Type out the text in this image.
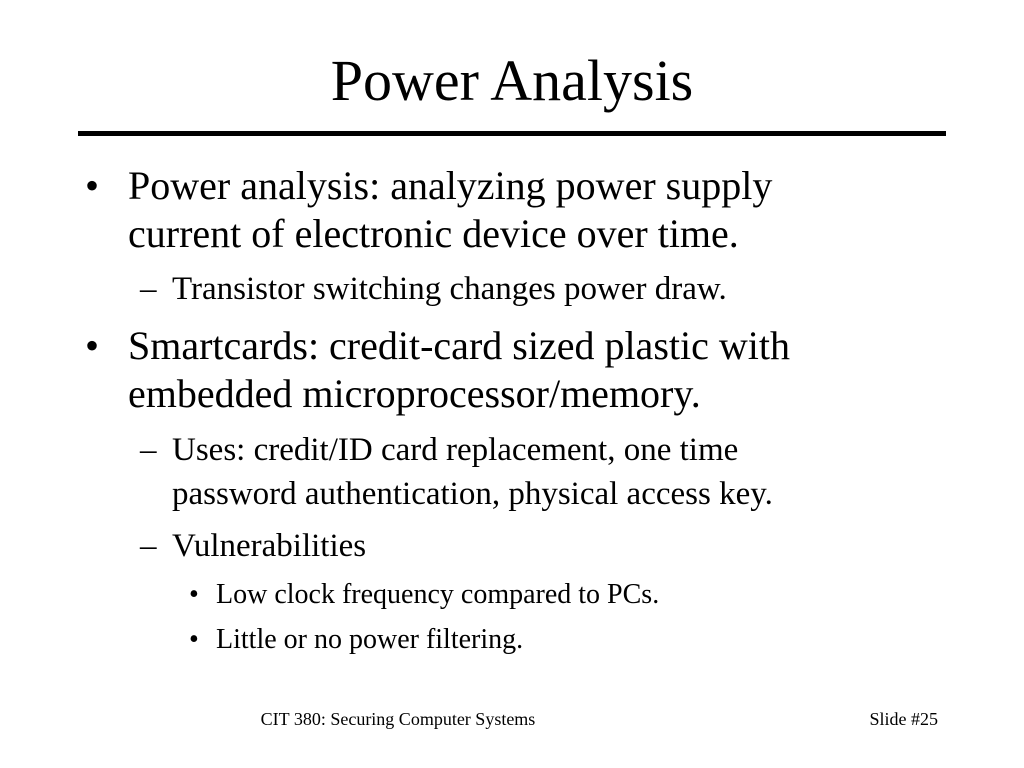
Power Analysis
• Power analysis: analyzing power supply
current of electronic device over time.
– Transistor switching changes power draw.
• Smartcards: credit-card sized plastic with
embedded microprocessor/memory.
– Uses: credit/ID card replacement, one time
password authentication, physical access key.
– Vulnerabilities
• Low clock frequency compared to PCs.
• Little or no power filtering.
CIT 380: Securing Computer Systems	Slide #25
